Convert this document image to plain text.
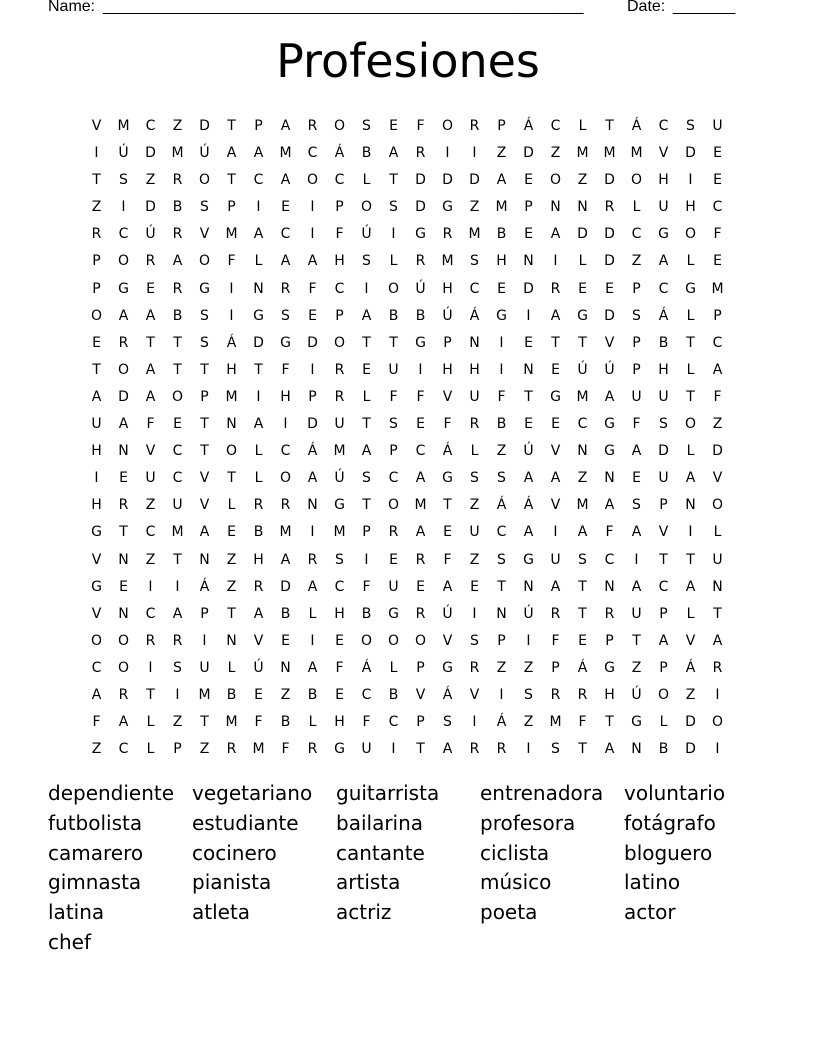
Name: ______________________________________________________	Date: _______
Profesiones
V	M	C	Z	D	T	P	A	R	O	S	E	F	O	R	P	Á	C	L	T	Á	C	S	U
I	Ú	D	M	Ú	A	A	M	C	Á	B	A	R	I	I	Z	D	Z	M	M	M	V	D	E
T	S	Z	R	O	T	C	A	O	C	L	T	D	D	D	A	E	O	Z	D	O	H	I	E
Z	I	D	B	S	P	I	E	I	P	O	S	D	G	Z	M	P	N	N	R	L	U	H	C
R	C	Ú	R	V	M	A	C	I	F	Ú	I	G	R	M	B	E	A	D	D	C	G	O	F
P	O	R	A	O	F	L	A	A	H	S	L	R	M	S	H	N	I	L	D	Z	A	L	E
P	G	E	R	G	I	N	R	F	C	I	O	Ú	H	C	E	D	R	E	E	P	C	G	M
O	A	A	B	S	I	G	S	E	P	A	B	B	Ú	Á	G	I	A	G	D	S	Á	L	P
E	R	T	T	S	Á	D	G	D	O	T	T	G	P	N	I	E	T	T	V	P	B	T	C
T	O	A	T	T	H	T	F	I	R	E	U	I	H	H	I	N	E	Ú	Ú	P	H	L	A
A	D	A	O	P	M	I	H	P	R	L	F	F	V	U	F	T	G	M	A	U	U	T	F
U	A	F	E	T	N	A	I	D	U	T	S	E	F	R	B	E	E	C	G	F	S	O	Z
H	N	V	C	T	O	L	C	Á	M	A	P	C	Á	L	Z	Ú	V	N	G	A	D	L	D
I	E	U	C	V	T	L	O	A	Ú	S	C	A	G	S	S	A	A	Z	N	E	U	A	V
H	R	Z	U	V	L	R	R	N	G	T	O	M	T	Z	Á	Á	V	M	A	S	P	N	O
G	T	C	M	A	E	B	M	I	M	P	R	A	E	U	C	A	I	A	F	A	V	I	L
V	N	Z	T	N	Z	H	A	R	S	I	E	R	F	Z	S	G	U	S	C	I	T	T	U
G	E	I	I	Á	Z	R	D	A	C	F	U	E	A	E	T	N	A	T	N	A	C	A	N
V	N	C	A	P	T	A	B	L	H	B	G	R	Ú	I	N	Ú	R	T	R	U	P	L	T
O	O	R	R	I	N	V	E	I	E	O	O	O	V	S	P	I	F	E	P	T	A	V	A
C	O	I	S	U	L	Ú	N	A	F	Á	L	P	G	R	Z	Z	P	Á	G	Z	P	Á	R
A	R	T	I	M	B	E	Z	B	E	C	B	V	Á	V	I	S	R	R	H	Ú	O	Z	I
F	A	L	Z	T	M	F	B	L	H	F	C	P	S	I	Á	Z	M	F	T	G	L	D	O
Z	C	L	P	Z	R	M	F	R	G	U	I	T	A	R	R	I	S	T	A	N	B	D	I
dependiente vegetariano	guitarrista	entrenadora	voluntario
futbolista	estudiante	bailarina	profesora	fotágrafo
camarero	cocinero	cantante	ciclista	bloguero
gimnasta	pianista	artista	músico	latino
latina	atleta	actriz	poeta	actor
chef
